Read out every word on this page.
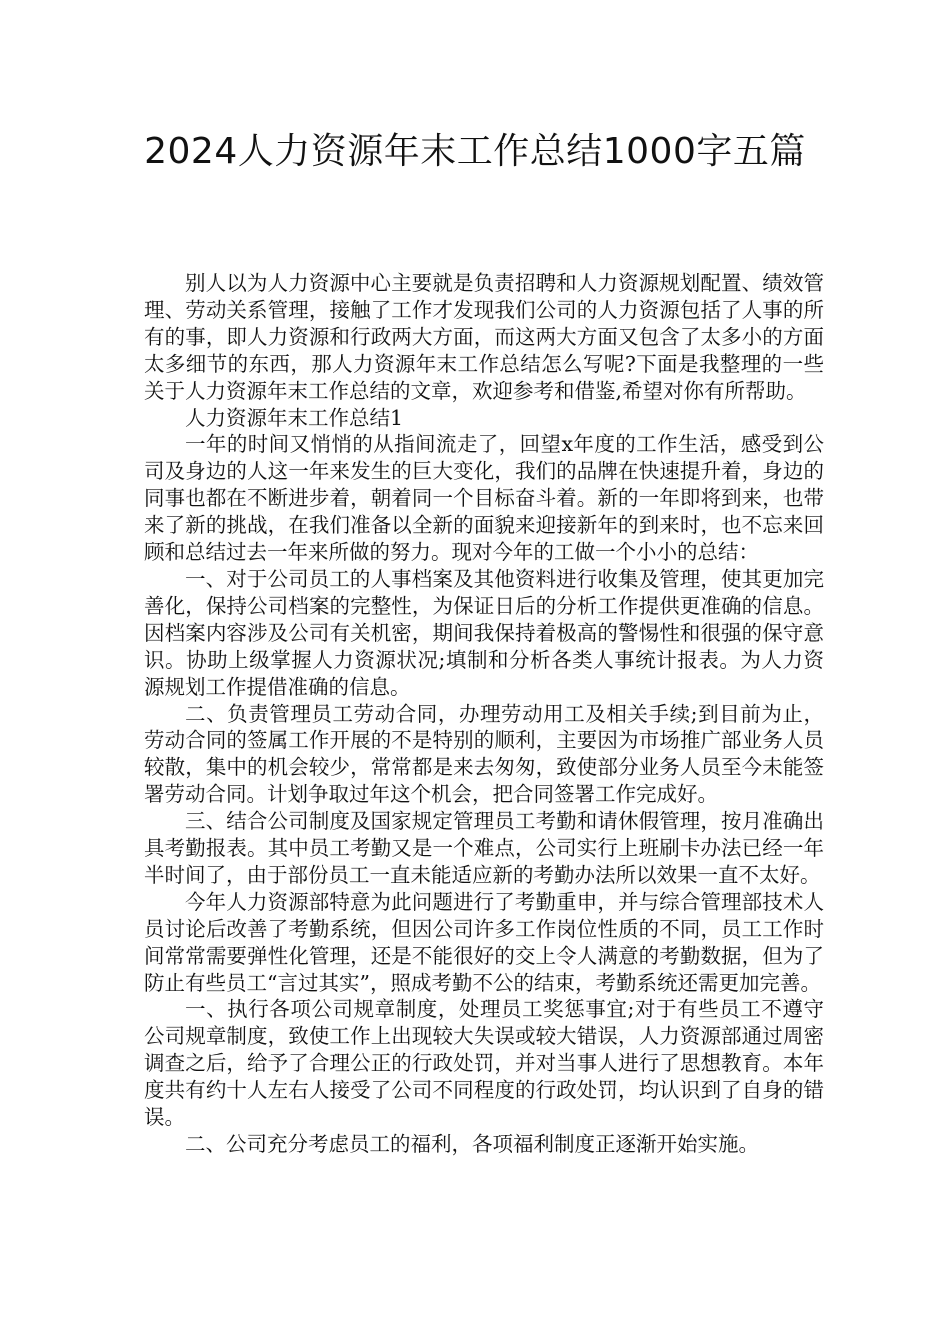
2024人力资源年末工作总结1000字五篇

别人以为人力资源中心主要就是负责招聘和人力资源规划配置、绩效管理、劳动关系管理，接触了工作才发现我们公司的人力资源包括了人事的所有的事，即人力资源和行政两大方面，而这两大方面又包含了太多小的方面太多细节的东西，那人力资源年末工作总结怎么写呢?下面是我整理的一些关于人力资源年末工作总结的文章，欢迎参考和借鉴,希望对你有所帮助。

人力资源年末工作总结1

一年的时间又悄悄的从指间流走了，回望x年度的工作生活，感受到公司及身边的人这一年来发生的巨大变化，我们的品牌在快速提升着，身边的同事也都在不断进步着，朝着同一个目标奋斗着。新的一年即将到来，也带来了新的挑战，在我们准备以全新的面貌来迎接新年的到来时，也不忘来回顾和总结过去一年来所做的努力。现对今年的工做一个小小的总结：

一、对于公司员工的人事档案及其他资料进行收集及管理，使其更加完善化，保持公司档案的完整性，为保证日后的分析工作提供更准确的信息。因档案内容涉及公司有关机密，期间我保持着极高的警惕性和很强的保守意识。协助上级掌握人力资源状况;填制和分析各类人事统计报表。为人力资源规划工作提借准确的信息。

二、负责管理员工劳动合同，办理劳动用工及相关手续;到目前为止，劳动合同的签属工作开展的不是特别的顺利，主要因为市场推广部业务人员较散，集中的机会较少，常常都是来去匆匆，致使部分业务人员至今未能签署劳动合同。计划争取过年这个机会，把合同签署工作完成好。

三、结合公司制度及国家规定管理员工考勤和请休假管理，按月准确出具考勤报表。其中员工考勤又是一个难点，公司实行上班刷卡办法已经一年半时间了，由于部份员工一直未能适应新的考勤办法所以效果一直不太好。

今年人力资源部特意为此问题进行了考勤重申，并与综合管理部技术人员讨论后改善了考勤系统，但因公司许多工作岗位性质的不同，员工工作时间常常需要弹性化管理，还是不能很好的交上令人满意的考勤数据，但为了防止有些员工“言过其实”，照成考勤不公的结束，考勤系统还需更加完善。

一、执行各项公司规章制度，处理员工奖惩事宜;对于有些员工不遵守公司规章制度，致使工作上出现较大失误或较大错误，人力资源部通过周密调查之后，给予了合理公正的行政处罚，并对当事人进行了思想教育。本年度共有约十人左右人接受了公司不同程度的行政处罚，均认识到了自身的错误。

二、公司充分考虑员工的福利，各项福利制度正逐渐开始实施。
